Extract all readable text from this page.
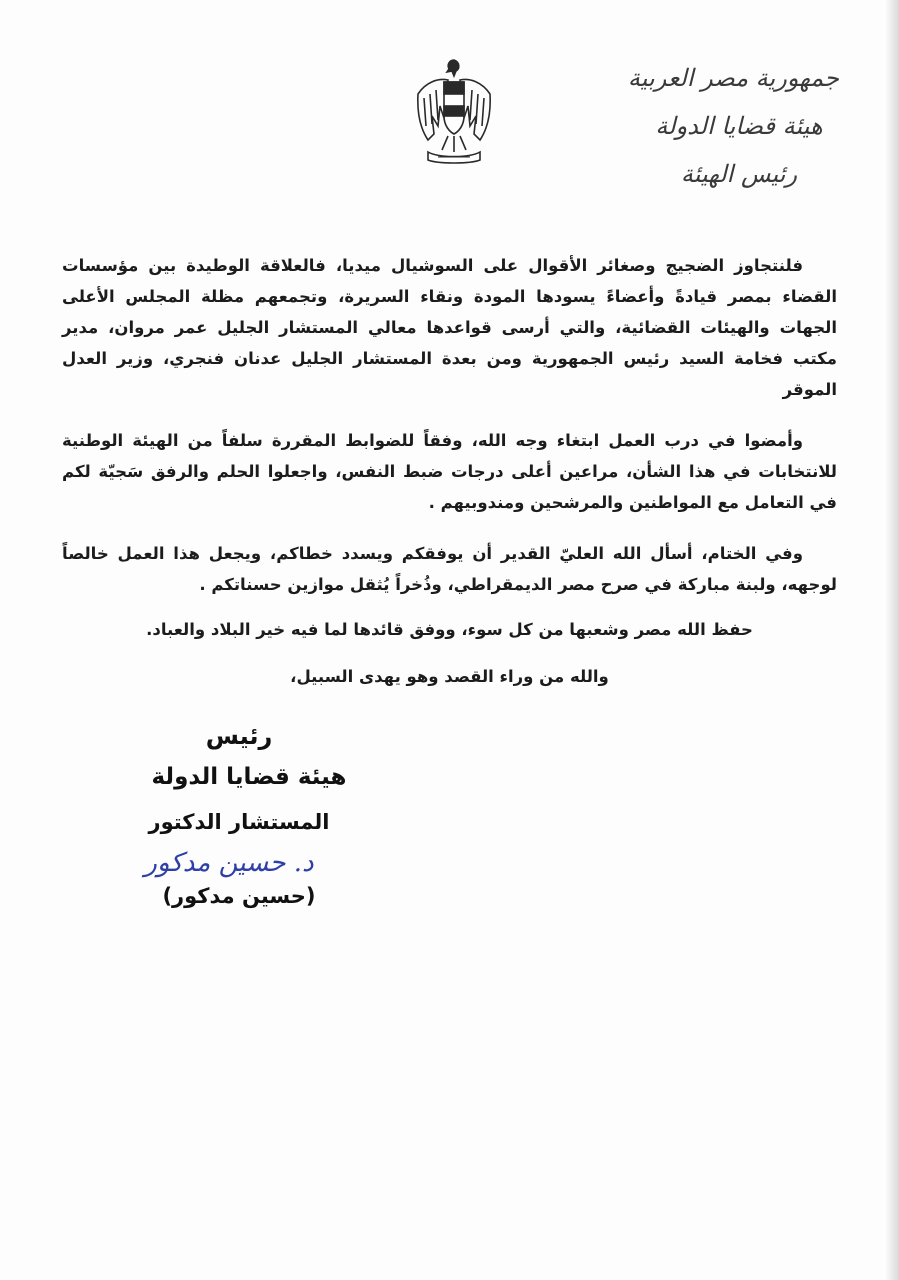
جمهورية مصر العربية
هيئة قضايا الدولة
رئيس الهيئة

فلنتجاوز الضجيج وصغائر الأقوال على السوشيال ميديا، فالعلاقة الوطيدة بين مؤسسات القضاء بمصر قيادةً وأعضاءً يسودها المودة ونقاء السريرة، وتجمعهم مظلة المجلس الأعلى الجهات والهيئات القضائية، والتي أرسى قواعدها معالي المستشار الجليل عمر مروان، مدير مكتب فخامة السيد رئيس الجمهورية ومن بعدة المستشار الجليل عدنان فنجري، وزير العدل الموقر

وأمضوا في درب العمل ابتغاء وجه الله، وفقاً للضوابط المقررة سلفاً من الهيئة الوطنية للانتخابات في هذا الشأن، مراعين أعلى درجات ضبط النفس، واجعلوا الحلم والرفق سَجيّة لكم في التعامل مع المواطنين والمرشحين ومندوبيهم .

وفي الختام، أسأل الله العليّ القدير أن يوفقكم ويسدد خطاكم، ويجعل هذا العمل خالصاً لوجهه، ولبنة مباركة في صرح مصر الديمقراطي، وذُخراً يُثقل موازين حسناتكم .

حفظ الله مصر وشعبها من كل سوء، ووفق قائدها لما فيه خير البلاد والعباد.
والله من وراء القصد وهو يهدى السبيل،
رئيس
هيئة قضايا الدولة
المستشار الدكتور
د. حسين مدكور
(حسين مدكور)
